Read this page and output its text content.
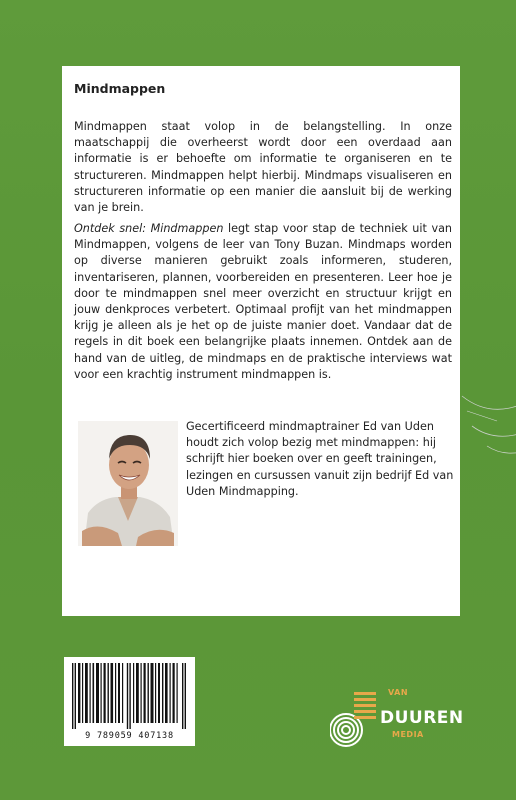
Mindmappen

Mindmappen staat volop in de belangstelling. In onze maatschappij die overheerst wordt door een overdaad aan informatie is er behoefte om informatie te organiseren en te structureren. Mindmappen helpt hierbij. Mindmaps visualiseren en structureren informatie op een manier die aansluit bij de werking van je brein.

Ontdek snel: Mindmappen legt stap voor stap de techniek uit van Mindmappen, volgens de leer van Tony Buzan. Mindmaps worden op diverse manieren gebruikt zoals informeren, studeren, inventariseren, plannen, voorbereiden en presenteren. Leer hoe je door te mindmappen snel meer overzicht en structuur krijgt en jouw denkproces verbetert. Optimaal profijt van het mindmappen krijg je alleen als je het op de juiste manier doet. Vandaar dat de regels in dit boek een belangrijke plaats innemen. Ontdek aan de hand van de uitleg, de mindmaps en de praktische interviews wat voor een krachtig instrument mindmappen is.

Gecertificeerd mindmaptrainer Ed van Uden houdt zich volop bezig met mindmappen: hij schrijft hier boeken over en geeft trainingen, lezingen en cursussen vanuit zijn bedrijf Ed van Uden Mindmapping.

9 789059 407138
VAN
DUUREN
MEDIA
